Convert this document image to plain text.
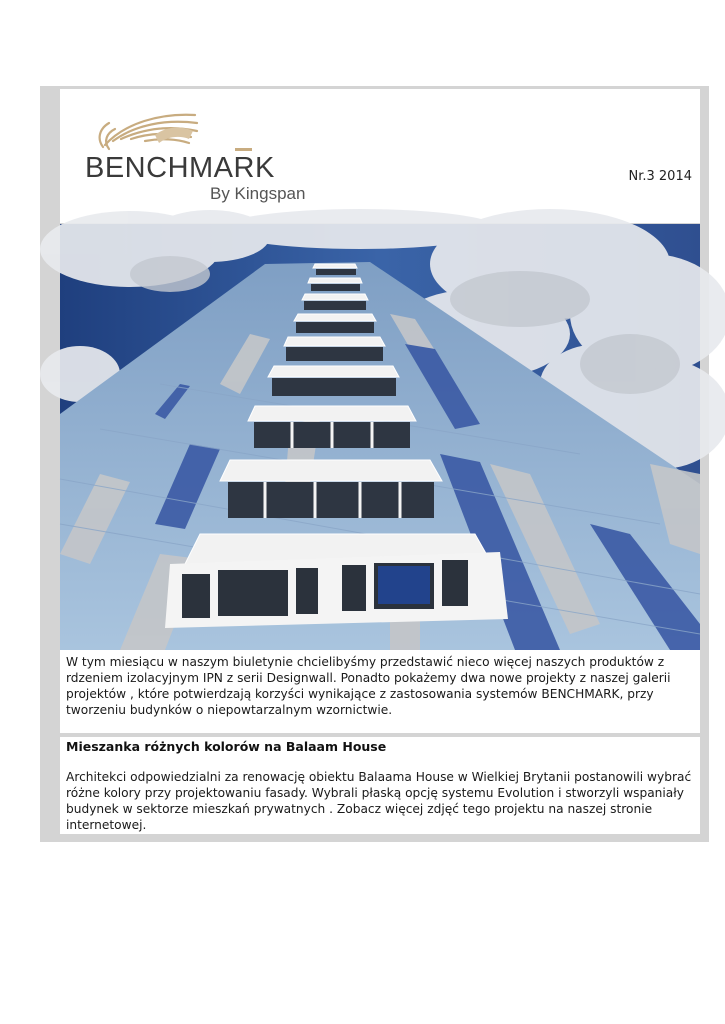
BENCHMARK
By Kingspan
Nr.3 2014
W tym miesiącu w naszym biuletynie chcielibyśmy przedstawić nieco więcej naszych produktów z rdzeniem izolacyjnym IPN z serii Designwall. Ponadto pokażemy dwa nowe projekty z naszej galerii projektów , które potwierdzają korzyści wynikające z zastosowania systemów BENCHMARK, przy tworzeniu budynków o niepowtarzalnym wzornictwie.
Mieszanka różnych kolorów na Balaam House
Architekci odpowiedzialni za renowację obiektu Balaama House w Wielkiej Brytanii postanowili wybrać różne kolory przy projektowaniu fasady. Wybrali płaską opcję systemu Evolution i stworzyli wspaniały budynek w sektorze mieszkań prywatnych . Zobacz więcej zdjęć tego projektu na naszej stronie internetowej.
